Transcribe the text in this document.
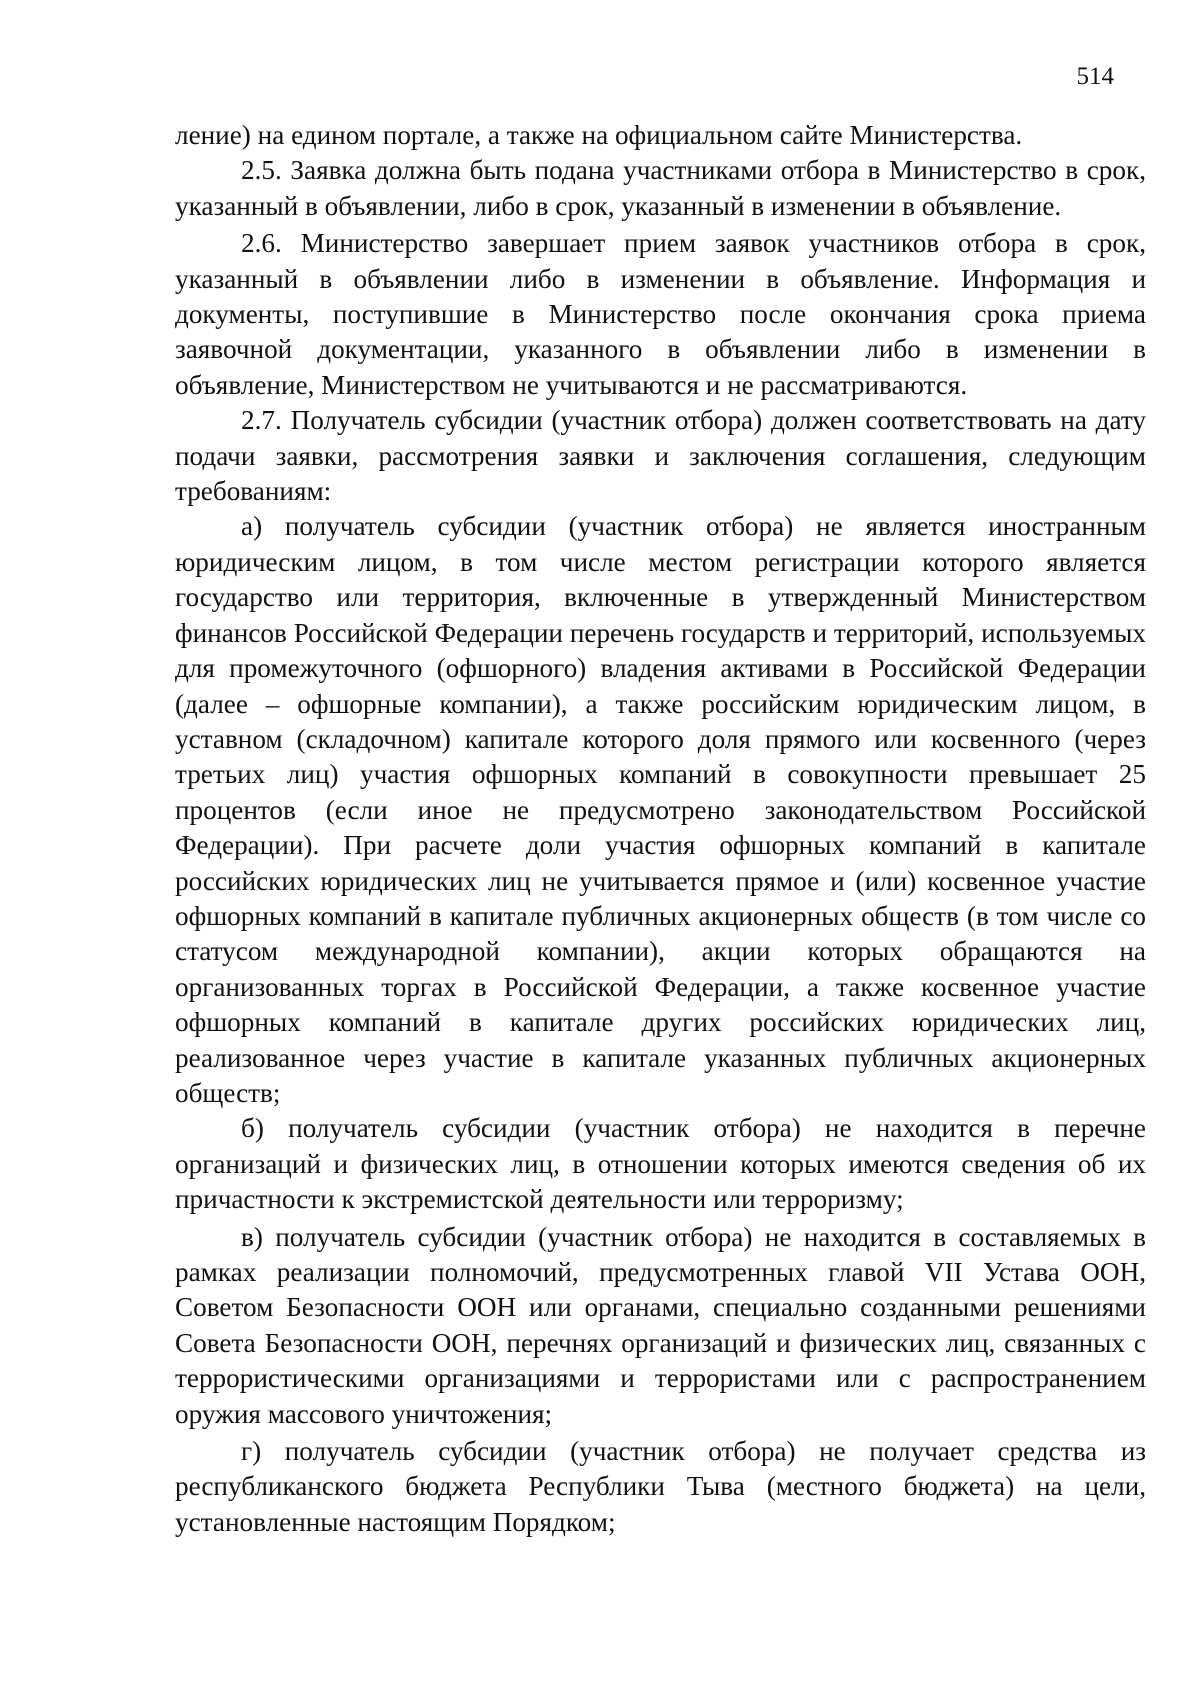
514

ление) на едином портале, а также на официальном сайте Министерства.

2.5. Заявка должна быть подана участниками отбора в Министерство в срок, указанный в объявлении, либо в срок, указанный в изменении в объявление.

2.6. Министерство завершает прием заявок участников отбора в срок, указанный в объявлении либо в изменении в объявление. Информация и документы, поступившие в Министерство после окончания срока приема заявочной документации, указанного в объявлении либо в изменении в объявление, Министерством не учитываются и не рассматриваются.

2.7. Получатель субсидии (участник отбора) должен соответствовать на дату подачи заявки, рассмотрения заявки и заключения соглашения, следующим требованиям:

а) получатель субсидии (участник отбора) не является иностранным юридическим лицом, в том числе местом регистрации которого является государство или территория, включенные в утвержденный Министерством финансов Российской Федерации перечень государств и территорий, используемых для промежуточного (офшорного) владения активами в Российской Федерации (далее – офшорные компании), а также российским юридическим лицом, в уставном (складочном) капитале которого доля прямого или косвенного (через третьих лиц) участия офшорных компаний в совокупности превышает 25 процентов (если иное не предусмотрено законодательством Российской Федерации). При расчете доли участия офшорных компаний в капитале российских юридических лиц не учитывается прямое и (или) косвенное участие офшорных компаний в капитале публичных акционерных обществ (в том числе со статусом международной компании), акции которых обращаются на организованных торгах в Российской Федерации, а также косвенное участие офшорных компаний в капитале других российских юридических лиц, реализованное через участие в капитале указанных публичных акционерных обществ;

б) получатель субсидии (участник отбора) не находится в перечне организаций и физических лиц, в отношении которых имеются сведения об их причастности к экстремистской деятельности или терроризму;

в) получатель субсидии (участник отбора) не находится в составляемых в рамках реализации полномочий, предусмотренных главой VII Устава ООН, Советом Безопасности ООН или органами, специально созданными решениями Совета Безопасности ООН, перечнях организаций и физических лиц, связанных с террористическими организациями и террористами или с распространением оружия массового уничтожения;

г) получатель субсидии (участник отбора) не получает средства из республиканского бюджета Республики Тыва (местного бюджета) на цели, установленные настоящим Порядком;
